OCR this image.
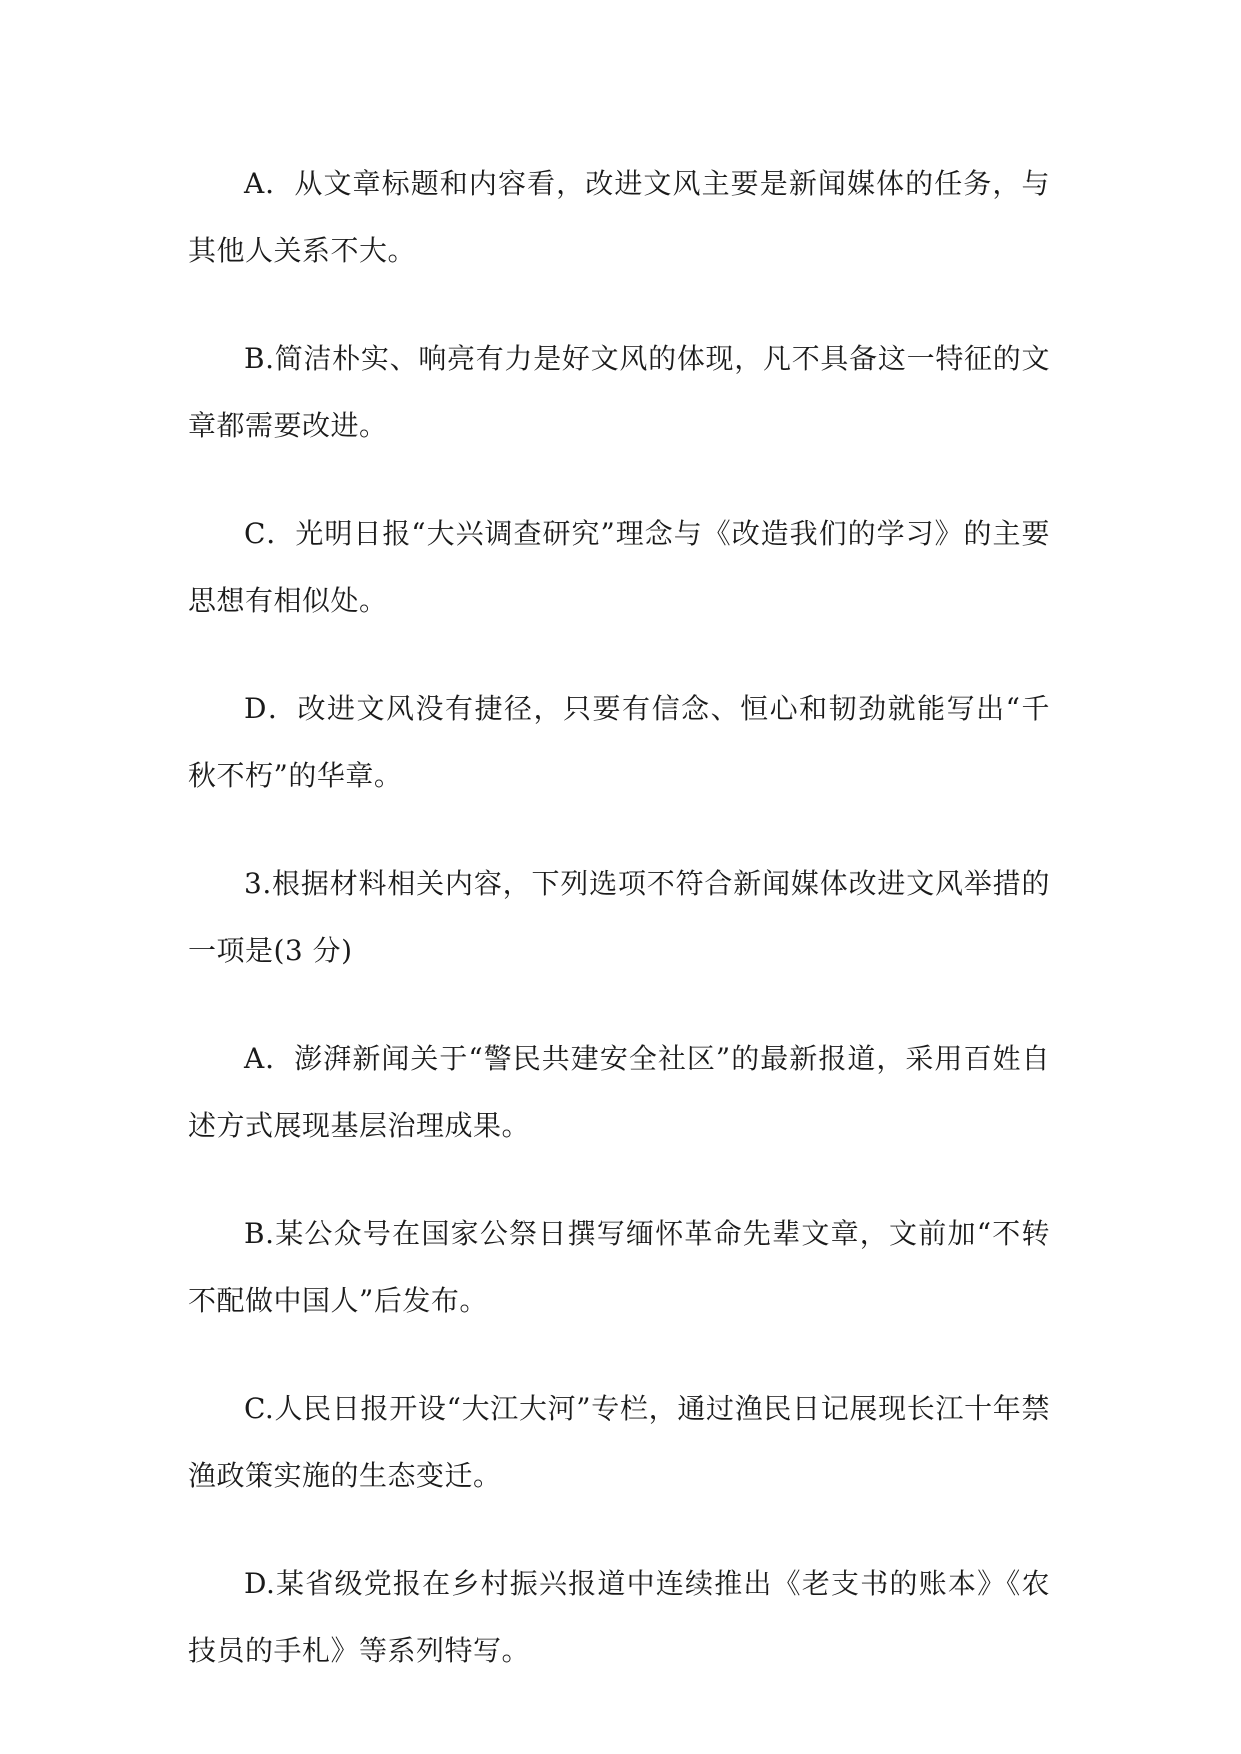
A．从文章标题和内容看，改进文风主要是新闻媒体的任务，与其他人关系不大。

B.简洁朴实、响亮有力是好文风的体现，凡不具备这一特征的文章都需要改进。

C．光明日报“大兴调查研究”理念与《改造我们的学习》的主要思想有相似处。

D．改进文风没有捷径，只要有信念、恒心和韧劲就能写出“千秋不朽”的华章。

3.根据材料相关内容，下列选项不符合新闻媒体改进文风举措的一项是(3 分)

A．澎湃新闻关于“警民共建安全社区”的最新报道，采用百姓自述方式展现基层治理成果。

B.某公众号在国家公祭日撰写缅怀革命先辈文章，文前加“不转不配做中国人”后发布。

C.人民日报开设“大江大河”专栏，通过渔民日记展现长江十年禁渔政策实施的生态变迁。

D.某省级党报在乡村振兴报道中连续推出《老支书的账本》《农技员的手札》等系列特写。
